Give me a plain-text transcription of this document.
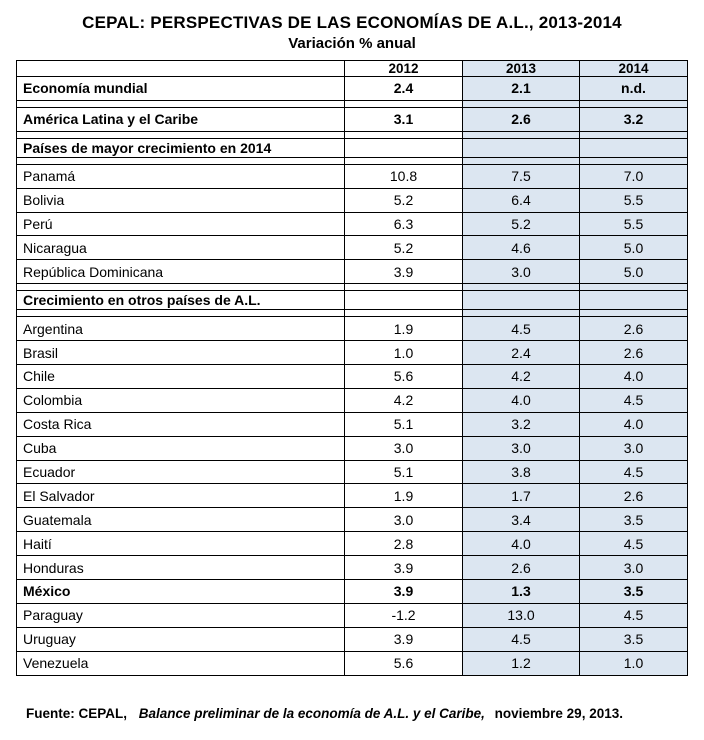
CEPAL: PERSPECTIVAS DE LAS ECONOMÍAS DE A.L., 2013-2014
Variación % anual
	2012	2013	2014
Economía mundial	2.4	2.1	n.d.

América Latina y el Caribe	3.1	2.6	3.2

Países de mayor crecimiento en 2014			

Panamá	10.8	7.5	7.0
Bolivia	5.2	6.4	5.5
Perú	6.3	5.2	5.5
Nicaragua	5.2	4.6	5.0
República Dominicana	3.9	3.0	5.0

Crecimiento en otros países de A.L.			

Argentina	1.9	4.5	2.6
Brasil	1.0	2.4	2.6
Chile	5.6	4.2	4.0
Colombia	4.2	4.0	4.5
Costa Rica	5.1	3.2	4.0
Cuba	3.0	3.0	3.0
Ecuador	5.1	3.8	4.5
El Salvador	1.9	1.7	2.6
Guatemala	3.0	3.4	3.5
Haití	2.8	4.0	4.5
Honduras	3.9	2.6	3.0
México	3.9	1.3	3.5
Paraguay	-1.2	13.0	4.5
Uruguay	3.9	4.5	3.5
Venezuela	5.6	1.2	1.0
Fuente: CEPAL, Balance preliminar de la economía de A.L. y el Caribe, noviembre 29, 2013.
